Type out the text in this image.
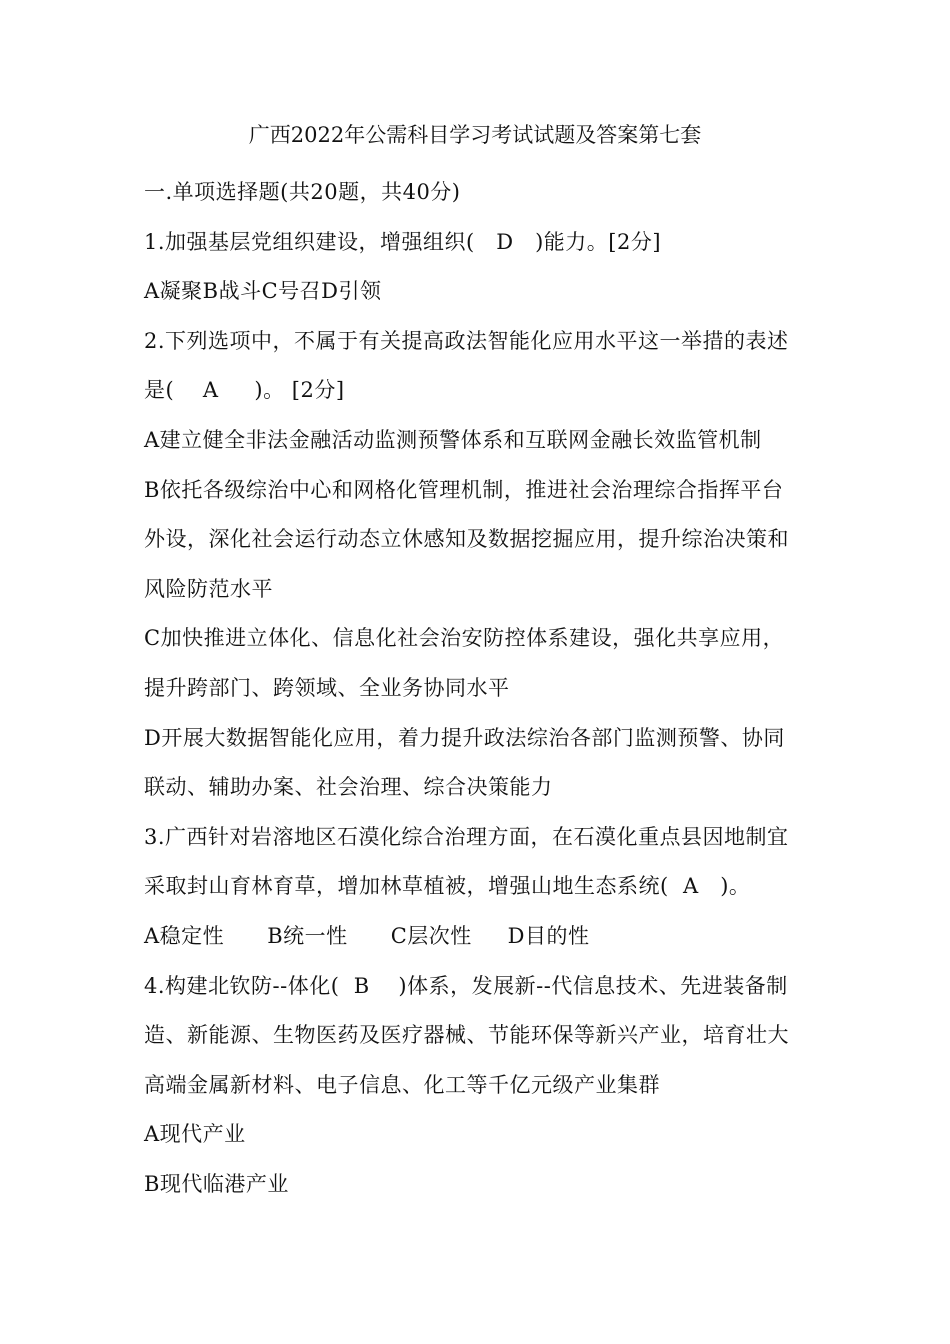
广西2022年公需科目学习考试试题及答案第七套
一.单项选择题(共20题，共40分)
1.加强基层党组织建设，增强组织(   D   )能力。[2分]
A凝聚B战斗C号召D引领
2.下列选项中，不属于有关提高政法智能化应用水平这一举措的表述
是(    A     )。 [2分]
A建立健全非法金融活动监测预警体系和互联网金融长效监管机制
B依托各级综治中心和网格化管理机制，推进社会治理综合指挥平台
外设，深化社会运行动态立休感知及数据挖掘应用，提升综治决策和
风险防范水平
C加快推进立体化、信息化社会治安防控体系建设，强化共享应用，
提升跨部门、跨领域、全业务协同水平
D开展大数据智能化应用，着力提升政法综治各部门监测预警、协同
联动、辅助办案、社会治理、综合决策能力
3.广西针对岩溶地区石漠化综合治理方面，在石漠化重点县因地制宜
采取封山育林育草，增加林草植被，增强山地生态系统(  A   )。
A稳定性      B统一性      C层次性     D目的性
4.构建北钦防--体化(  B    )体系，发展新--代信息技术、先进装备制
造、新能源、生物医药及医疗器械、节能环保等新兴产业，培育壮大
高端金属新材料、电子信息、化工等千亿元级产业集群
A现代产业
B现代临港产业
